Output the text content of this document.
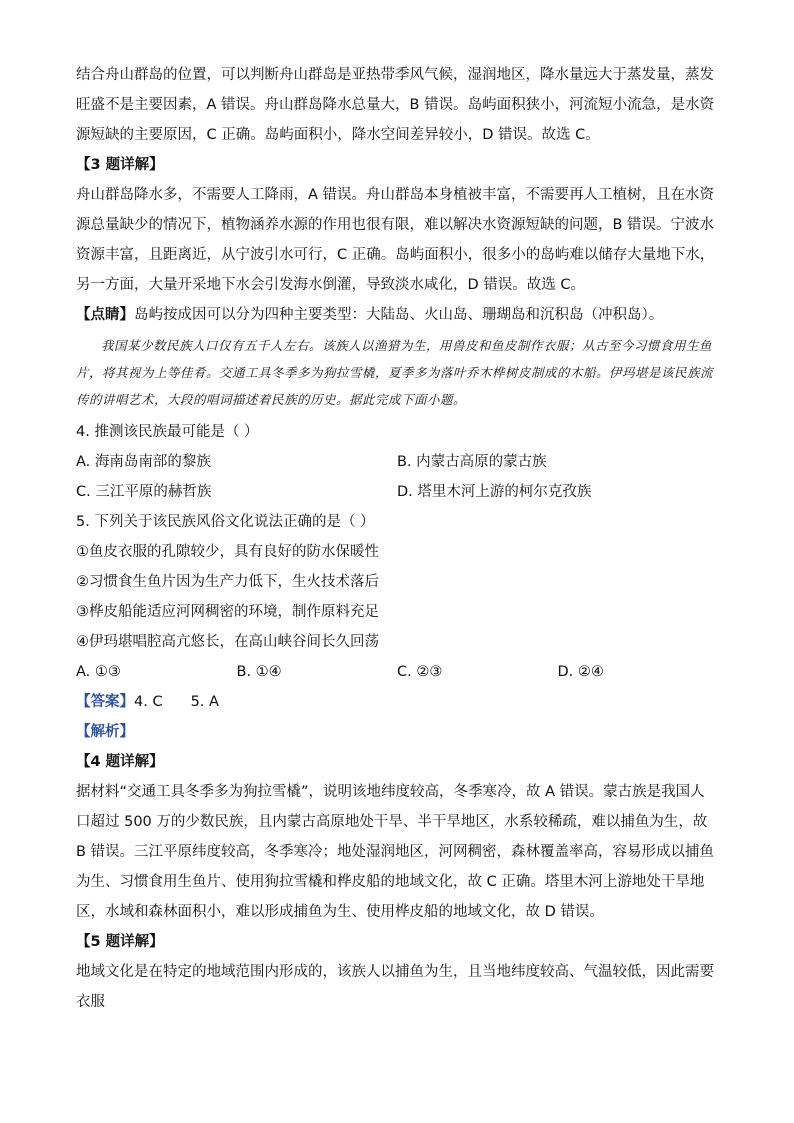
结合舟山群岛的位置，可以判断舟山群岛是亚热带季风气候，湿润地区，降水量远大于蒸发量，蒸发旺盛不是主要因素，A 错误。舟山群岛降水总量大，B 错误。岛屿面积狭小，河流短小流急，是水资源短缺的主要原因，C 正确。岛屿面积小，降水空间差异较小，D 错误。故选 C。

【3 题详解】

舟山群岛降水多，不需要人工降雨，A 错误。舟山群岛本身植被丰富，不需要再人工植树，且在水资源总量缺少的情况下，植物涵养水源的作用也很有限，难以解决水资源短缺的问题，B 错误。宁波水资源丰富，且距离近，从宁波引水可行，C 正确。岛屿面积小，很多小的岛屿难以储存大量地下水，另一方面，大量开采地下水会引发海水倒灌，导致淡水咸化，D 错误。故选 C。

【点睛】岛屿按成因可以分为四种主要类型：大陆岛、火山岛、珊瑚岛和沉积岛（冲积岛）。

我国某少数民族人口仅有五千人左右。该族人以渔猎为生，用兽皮和鱼皮制作衣服；从古至今习惯食用生鱼片，将其视为上等佳肴。交通工具冬季多为狗拉雪橇，夏季多为落叶乔木桦树皮制成的木船。伊玛堪是该民族流传的讲唱艺术，大段的唱词描述着民族的历史。据此完成下面小题。

4. 推测该民族最可能是（ ）

A. 海南岛南部的黎族	B. 内蒙古高原的蒙古族
C. 三江平原的赫哲族	D. 塔里木河上游的柯尔克孜族

5. 下列关于该民族风俗文化说法正确的是（ ）

①鱼皮衣服的孔隙较少，具有良好的防水保暖性

②习惯食生鱼片因为生产力低下，生火技术落后

③桦皮船能适应河网稠密的环境，制作原料充足

④伊玛堪唱腔高亢悠长，在高山峡谷间长久回荡

A. ①③	B. ①④	C. ②③	D. ②④

【答案】4. C 5. A

【解析】

【4 题详解】

据材料“交通工具冬季多为狗拉雪橇”，说明该地纬度较高，冬季寒冷，故 A 错误。蒙古族是我国人口超过 500 万的少数民族，且内蒙古高原地处干旱、半干旱地区，水系较稀疏，难以捕鱼为生，故 B 错误。三江平原纬度较高，冬季寒冷；地处湿润地区，河网稠密，森林覆盖率高，容易形成以捕鱼为生、习惯食用生鱼片、使用狗拉雪橇和桦皮船的地域文化，故 C 正确。塔里木河上游地处干旱地区，水域和森林面积小，难以形成捕鱼为生、使用桦皮船的地域文化，故 D 错误。

【5 题详解】

地域文化是在特定的地域范围内形成的，该族人以捕鱼为生，且当地纬度较高、气温较低，因此需要衣服
